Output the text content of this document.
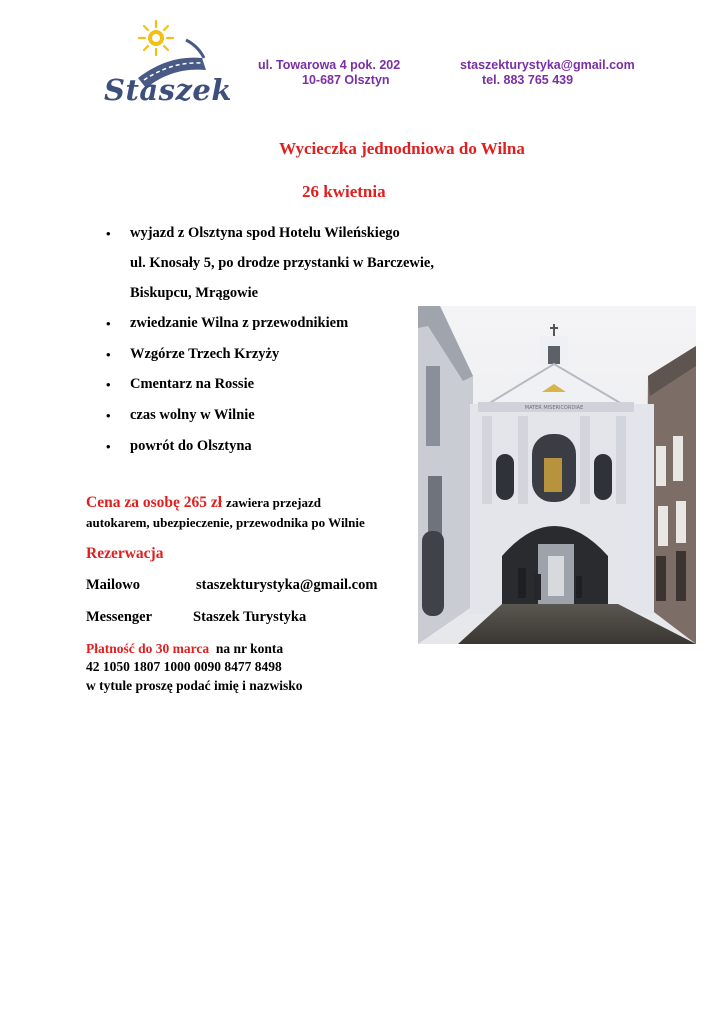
Staszek
ul. Towarowa 4 pok. 202
10-687 Olsztyn
staszekturystyka@gmail.com
tel. 883 765 439
Wycieczka jednodniowa do Wilna
26 kwietnia
• wyjazd z Olsztyna spod Hotelu Wileńskiego
ul. Knosały 5, po drodze przystanki w Barczewie,
Biskupcu, Mrągowie
• zwiedzanie Wilna z przewodnikiem
• Wzgórze Trzech Krzyży
• Cmentarz na Rossie
• czas wolny w Wilnie
• powrót do Olsztyna
MATER MISERICORDIAE
Cena za osobę 265 zł zawiera przejazd
autokarem, ubezpieczenie, przewodnika po Wilnie
Rezerwacja
Mailowo	staszekturystyka@gmail.com
Messenger	Staszek Turystyka
Płatność do 30 marca na nr konta
42 1050 1807 1000 0090 8477 8498
w tytule proszę podać imię i nazwisko
